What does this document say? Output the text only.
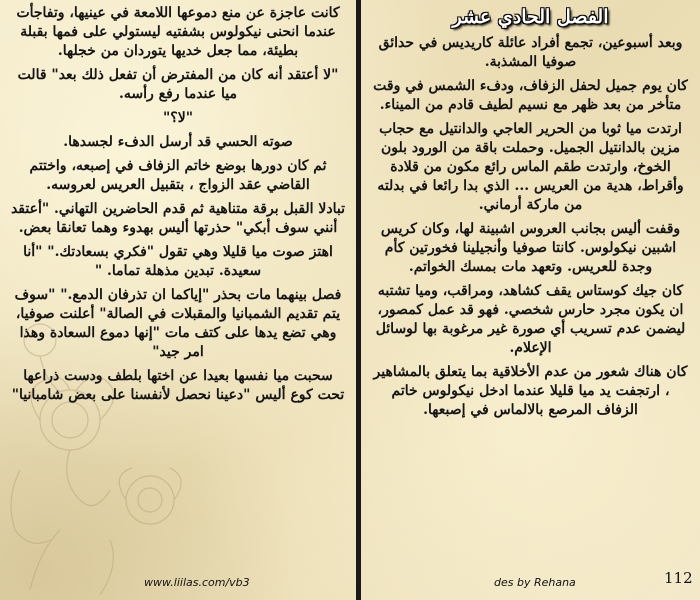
الفصل الحادي عشر

وبعد أسبوعين، تجمع أفراد عائلة كاريديس في حدائق صوفيا المشذبة.

كان يوم جميل لحفل الزفاف، ودفء الشمس في وقت متأخر من بعد ظهر مع نسيم لطيف قادم من الميناء.

ارتدت ميا ثوبا من الحرير العاجي والدانتيل مع حجاب مزين بالدانتيل الجميل. وحملت باقة من الورود بلون الخوخ، وارتدت طقم الماس رائع مكون من قلادة وأقراط، هدية من العريس ... الذي بدا رائعا في بدلته من ماركة أرماني.

وقفت أليس بجانب العروس اشبينة لها، وكان كريس اشبين نيكولوس. كانتا صوفيا وأنجيلينا فخورتين كأم وجدة للعريس. وتعهد مات بمسك الخواتم.

كان جيك كوستاس يقف كشاهد، ومراقب، وميا تشتبه ان يكون مجرد حارس شخصي. فهو قد عمل كمصور، ليضمن عدم تسريب أي صورة غير مرغوبة بها لوسائل الإعلام.

كان هناك شعور من عدم الأخلاقية بما يتعلق بالمشاهير ، ارتجفت يد ميا قليلا عندما ادخل نيكولوس خاتم الزفاف المرصع بالالماس في إصبعها.

كانت عاجزة عن منع دموعها اللامعة في عينيها، وتفاجأت عندما انحنى نيكولوس بشفتيه ليستولي على فمها بقبلة بطيئة، مما جعل خديها يتوردان من خجلها.

"لا أعتقد أنه كان من المفترض أن تفعل ذلك بعد" قالت ميا عندما رفع رأسه.

"لا؟"

صوته الحسي قد أرسل الدفء لجسدها.

ثم كان دورها بوضع خاتم الزفاف في إصبعه، واختتم القاضي عقد الزواج ، بتقبيل العريس لعروسه.

تبادلا القبل برقة متناهية ثم قدم الحاضرين التهاني. "أعتقد أنني سوف أبكي" حذرتها أليس بهدوء وهما تعانقا بعض.

اهتز صوت ميا قليلا وهي تقول "فكري بسعادتك." "أنا سعيدة. تبدين مذهلة تماما. "

فصل بينهما مات بحذر "إياكما ان تذرفان الدمع." "سوف يتم تقديم الشمبانيا والمقبلات في الصالة" أعلنت صوفيا، وهي تضع يدها على كتف مات "إنها دموع السعادة وهذا امر جيد"

سحبت ميا نفسها بعيدا عن اختها بلطف ودست ذراعها تحت كوع أليس "دعينا نحصل لأنفسنا على بعض شامبانيا"

www.liilas.com/vb3	des by Rehana	112
